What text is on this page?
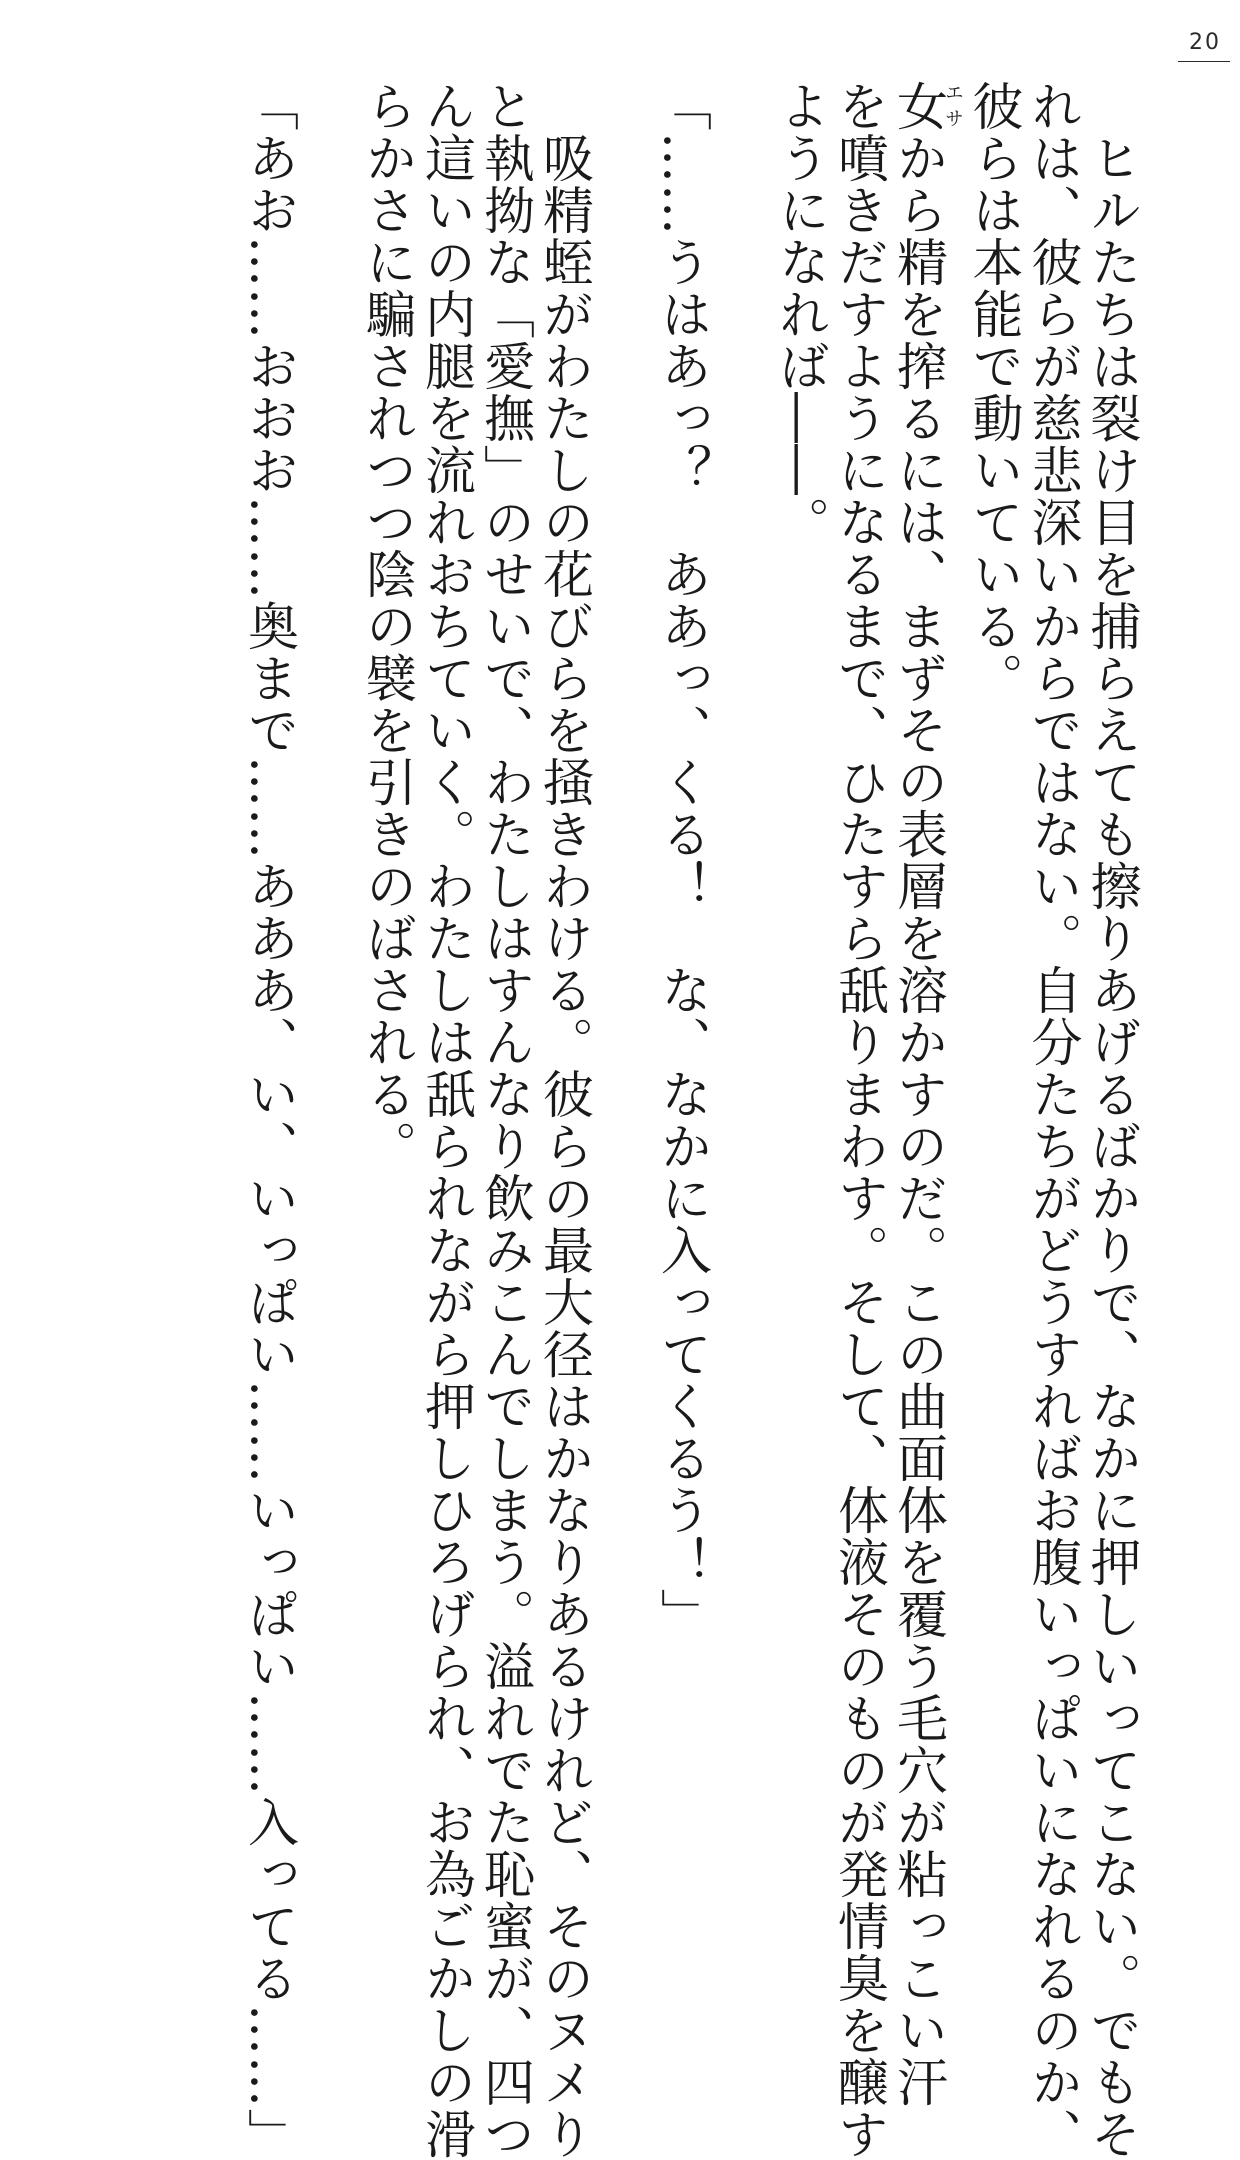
20
　ヒルたちは裂け目を捕らえても擦りあげるばかりで、なかに押しいってこない。でもそ
れは、彼らが慈悲深いからではない。自分たちがどうすればお腹いっぱいになれるのか、
彼らは本能で動いている。
女エサから精を搾るには、まずその表層を溶かすのだ。この曲面体を覆う毛穴が粘っこい汗
を噴きだすようになるまで、ひたすら舐りまわす。そして、体液そのものが発情臭を醸す
ようになれば――。

「……うはあっ？　ああっ、くる！　な、なかに入ってくるう！」

　吸精蛭がわたしの花びらを掻きわける。彼らの最大径はかなりあるけれど、そのヌメり
と執拗な「愛撫」のせいで、わたしはすんなり飲みこんでしまう。溢れでた恥蜜が、四つ
ん這いの内腿を流れおちていく。わたしは舐られながら押しひろげられ、お為ごかしの滑
らかさに騙されつつ陰の襞を引きのばされる。

「あお……おおお……奥まで……あああ、い、いっぱい……いっぱい……入ってる……」
